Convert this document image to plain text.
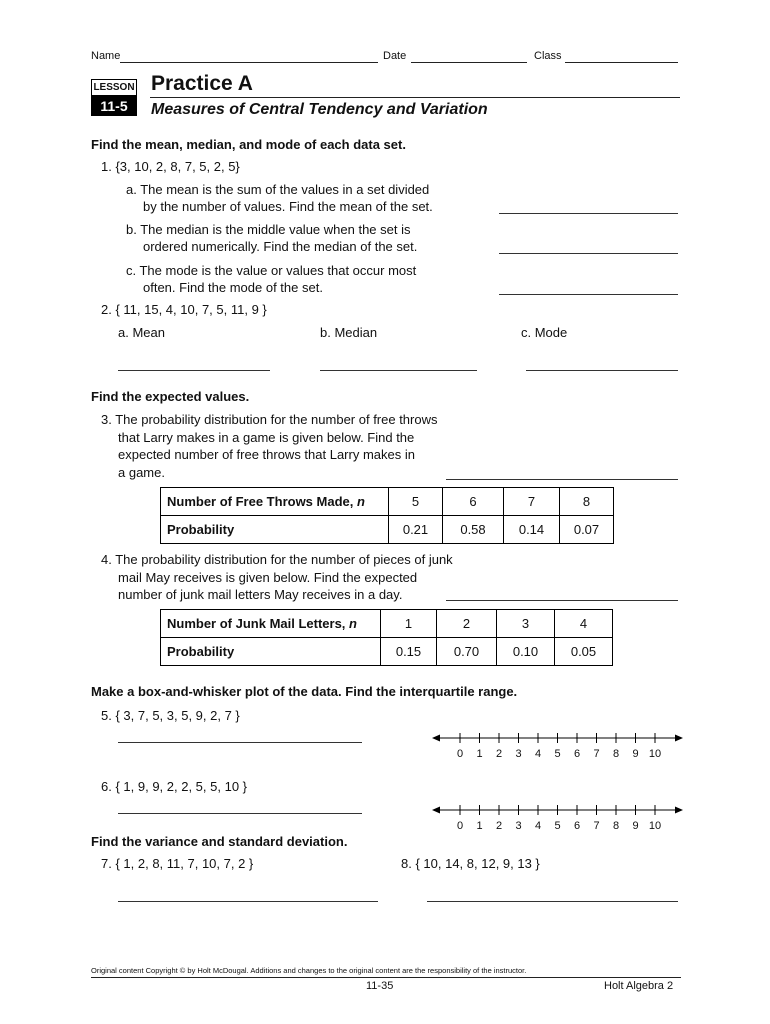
Name	Date	Class
LESSON
11-5
Practice A
Measures of Central Tendency and Variation
Find the mean, median, and mode of each data set.
1. {3, 10, 2, 8, 7, 5, 2, 5}
a. The mean is the sum of the values in a set divided
by the number of values. Find the mean of the set.
b. The median is the middle value when the set is
ordered numerically. Find the median of the set.
c. The mode is the value or values that occur most
often. Find the mode of the set.
2. { 11, 15, 4, 10, 7, 5, 11, 9 }
a. Mean	b. Median	c. Mode
Find the expected values.
3. The probability distribution for the number of free throws
that Larry makes in a game is given below. Find the
expected number of free throws that Larry makes in
a game.
Number of Free Throws Made, n	5	6	7	8
Probability	0.21	0.58	0.14	0.07
4. The probability distribution for the number of pieces of junk
mail May receives is given below. Find the expected
number of junk mail letters May receives in a day.
Number of Junk Mail Letters, n	1	2	3	4
Probability	0.15	0.70	0.10	0.05
Make a box-and-whisker plot of the data. Find the interquartile range.
5. { 3, 7, 5, 3, 5, 9, 2, 7 }
0 1 2 3 4 5 6 7 8 9 10
6. { 1, 9, 9, 2, 2, 5, 5, 10 }
0 1 2 3 4 5 6 7 8 9 10
Find the variance and standard deviation.
7. { 1, 2, 8, 11, 7, 10, 7, 2 }	8. { 10, 14, 8, 12, 9, 13 }
Original content Copyright © by Holt McDougal. Additions and changes to the original content are the responsibility of the instructor.
11-35	Holt Algebra 2
